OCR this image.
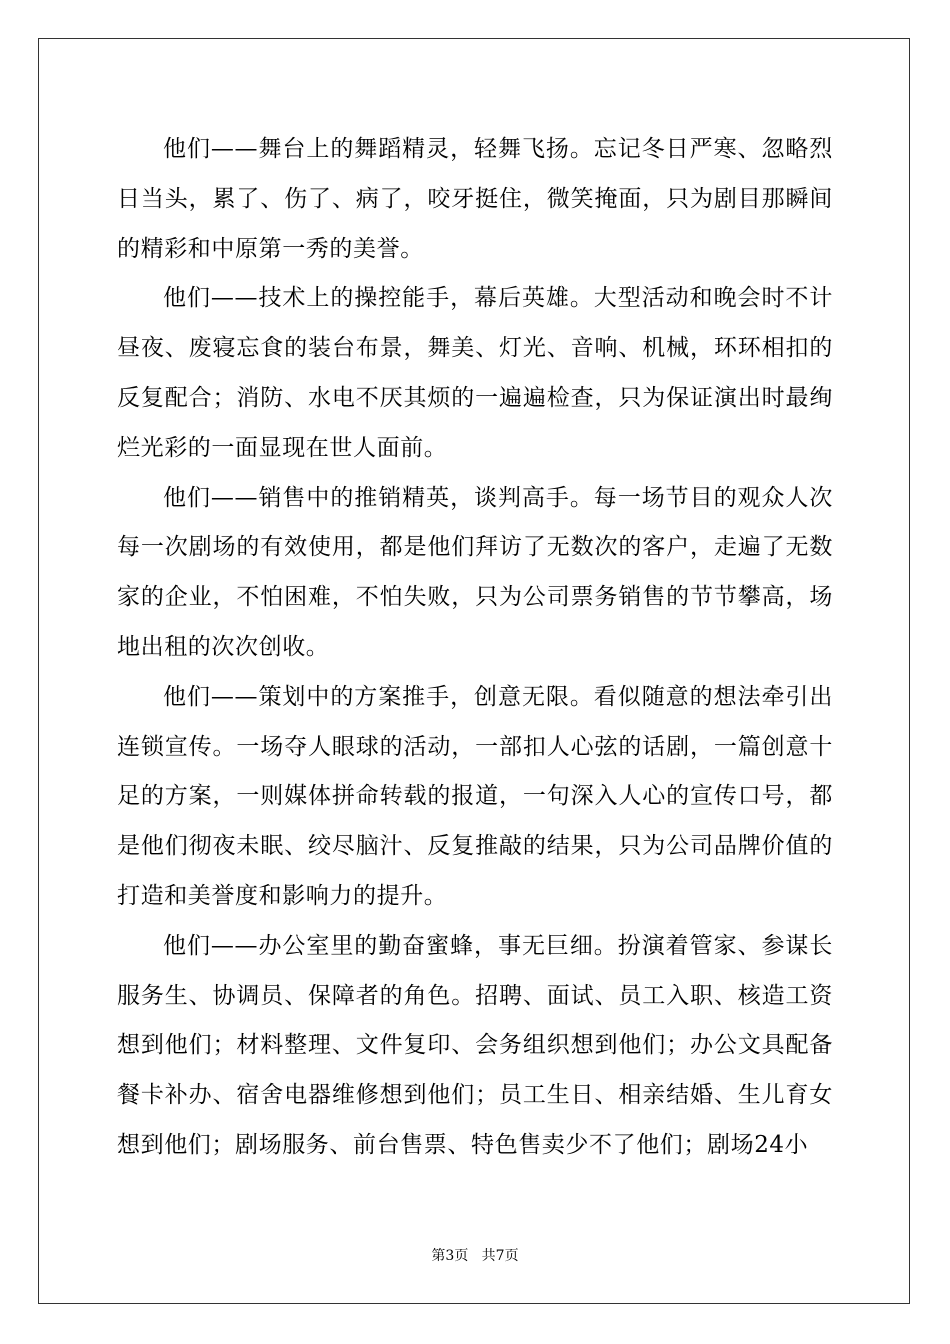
他们——舞台上的舞蹈精灵，轻舞飞扬。忘记冬日严寒、忽略烈日当头，累了、伤了、病了，咬牙挺住，微笑掩面，只为剧目那瞬间的精彩和中原第一秀的美誉。

他们——技术上的操控能手，幕后英雄。大型活动和晚会时不计昼夜、废寝忘食的装台布景，舞美、灯光、音响、机械，环环相扣的反复配合；消防、水电不厌其烦的一遍遍检查，只为保证演出时最绚烂光彩的一面显现在世人面前。

他们——销售中的推销精英，谈判高手。每一场节目的观众人次每一次剧场的有效使用，都是他们拜访了无数次的客户，走遍了无数家的企业，不怕困难，不怕失败，只为公司票务销售的节节攀高，场地出租的次次创收。

他们——策划中的方案推手，创意无限。看似随意的想法牵引出连锁宣传。一场夺人眼球的活动，一部扣人心弦的话剧，一篇创意十足的方案，一则媒体拼命转载的报道，一句深入人心的宣传口号，都是他们彻夜未眠、绞尽脑汁、反复推敲的结果，只为公司品牌价值的打造和美誉度和影响力的提升。

他们——办公室里的勤奋蜜蜂，事无巨细。扮演着管家、参谋长服务生、协调员、保障者的角色。招聘、面试、员工入职、核造工资想到他们；材料整理、文件复印、会务组织想到他们；办公文具配备餐卡补办、宿舍电器维修想到他们；员工生日、相亲结婚、生儿育女想到他们；剧场服务、前台售票、特色售卖少不了他们；剧场24小

第3页   共7页
